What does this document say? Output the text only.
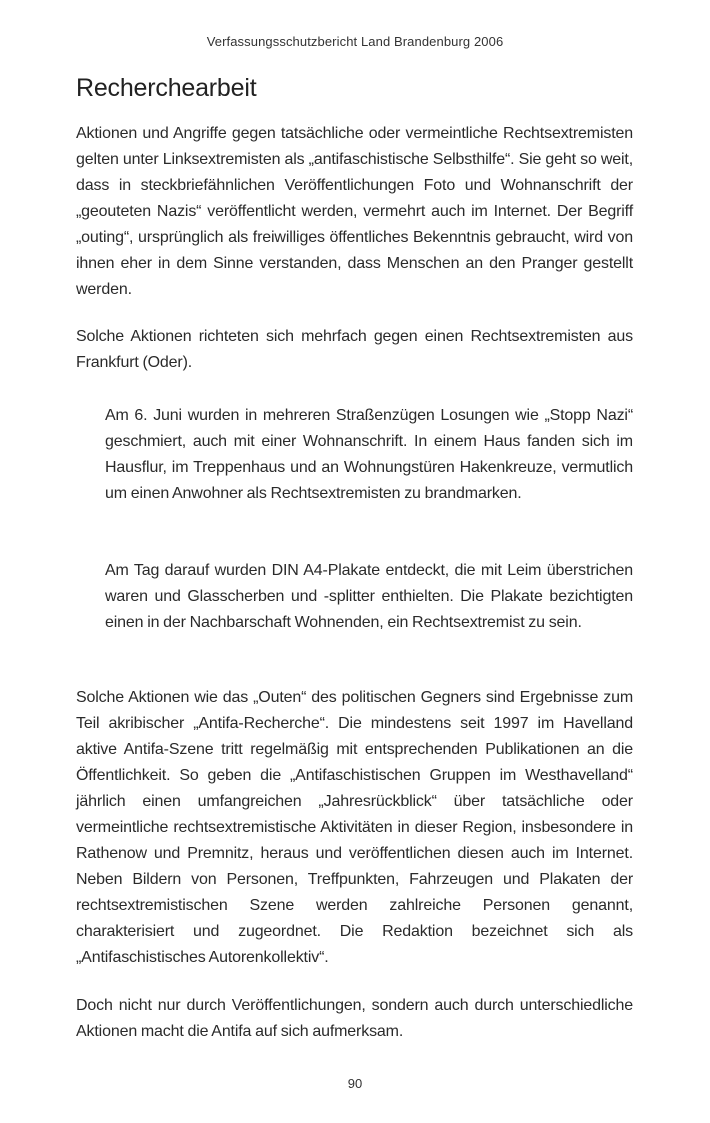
Verfassungsschutzbericht Land Brandenburg 2006
Recherchearbeit

Aktionen und Angriffe gegen tatsächliche oder vermeintliche Rechtsextremisten gelten unter Linksextremisten als „antifaschistische Selbsthilfe“. Sie geht so weit, dass in steckbriefähnlichen Veröffentlichungen Foto und Wohnanschrift der „geouteten Nazis“ veröffentlicht werden, vermehrt auch im Internet. Der Begriff „outing“, ursprünglich als freiwilliges öffentliches Bekenntnis gebraucht, wird von ihnen eher in dem Sinne verstanden, dass Menschen an den Pranger gestellt werden.

Solche Aktionen richteten sich mehrfach gegen einen Rechtsextremisten aus Frankfurt (Oder).

Am 6. Juni wurden in mehreren Straßenzügen Losungen wie „Stopp Nazi“ geschmiert, auch mit einer Wohnanschrift. In einem Haus fanden sich im Hausflur, im Treppenhaus und an Wohnungstüren Hakenkreuze, vermutlich um einen Anwohner als Rechtsextremisten zu brandmarken.

Am Tag darauf wurden DIN A4-Plakate entdeckt, die mit Leim überstrichen waren und Glasscherben und -splitter enthielten. Die Plakate bezichtigten einen in der Nachbarschaft Wohnenden, ein Rechtsextremist zu sein.

Solche Aktionen wie das „Outen“ des politischen Gegners sind Ergebnisse zum Teil akribischer „Antifa-Recherche“. Die mindestens seit 1997 im Havelland aktive Antifa-Szene tritt regelmäßig mit entsprechenden Publikationen an die Öffentlichkeit. So geben die „Antifaschistischen Gruppen im Westhavelland“ jährlich einen umfangreichen „Jahresrückblick“ über tatsächliche oder vermeintliche rechtsextremistische Aktivitäten in dieser Region, insbesondere in Rathenow und Premnitz, heraus und veröffentlichen diesen auch im Internet. Neben Bildern von Personen, Treffpunkten, Fahrzeugen und Plakaten der rechtsextremistischen Szene werden zahlreiche Personen genannt, charakterisiert und zugeordnet. Die Redaktion bezeichnet sich als „Antifaschistisches Autorenkollektiv“.

Doch nicht nur durch Veröffentlichungen, sondern auch durch unterschiedliche Aktionen macht die Antifa auf sich aufmerksam.

90
